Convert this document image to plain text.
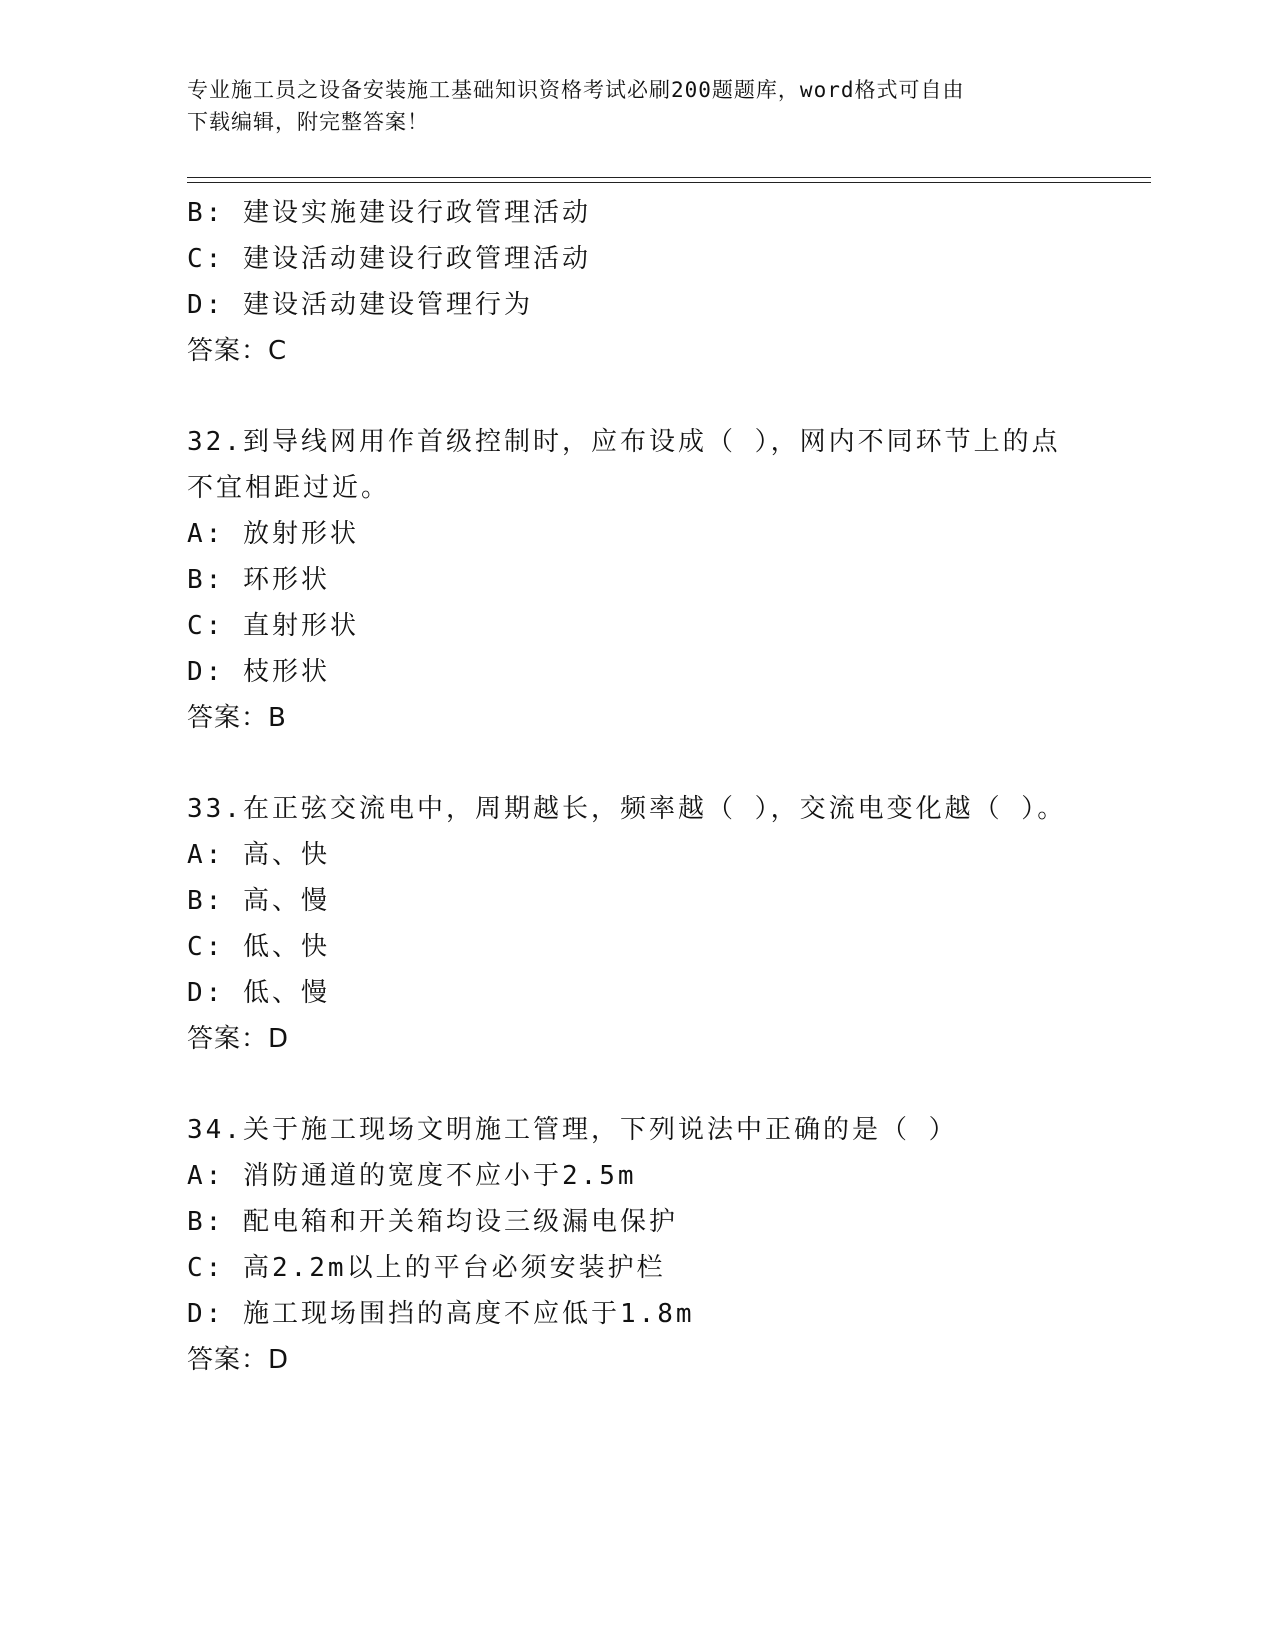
专业施工员之设备安装施工基础知识资格考试必刷200题题库，word格式可自由
下载编辑，附完整答案！
B: 建设实施建设行政管理活动
C: 建设活动建设行政管理活动
D: 建设活动建设管理行为
答案：C
32.到导线网用作首级控制时，应布设成（ ），网内不同环节上的点
不宜相距过近。
A: 放射形状
B: 环形状
C: 直射形状
D: 枝形状
答案：B
33.在正弦交流电中，周期越长，频率越（ ），交流电变化越（ ）。
A: 高、快
B: 高、慢
C: 低、快
D: 低、慢
答案：D
34.关于施工现场文明施工管理，下列说法中正确的是（ ）
A: 消防通道的宽度不应小于2.5m
B: 配电箱和开关箱均设三级漏电保护
C: 高2.2m以上的平台必须安装护栏
D: 施工现场围挡的高度不应低于1.8m
答案：D
